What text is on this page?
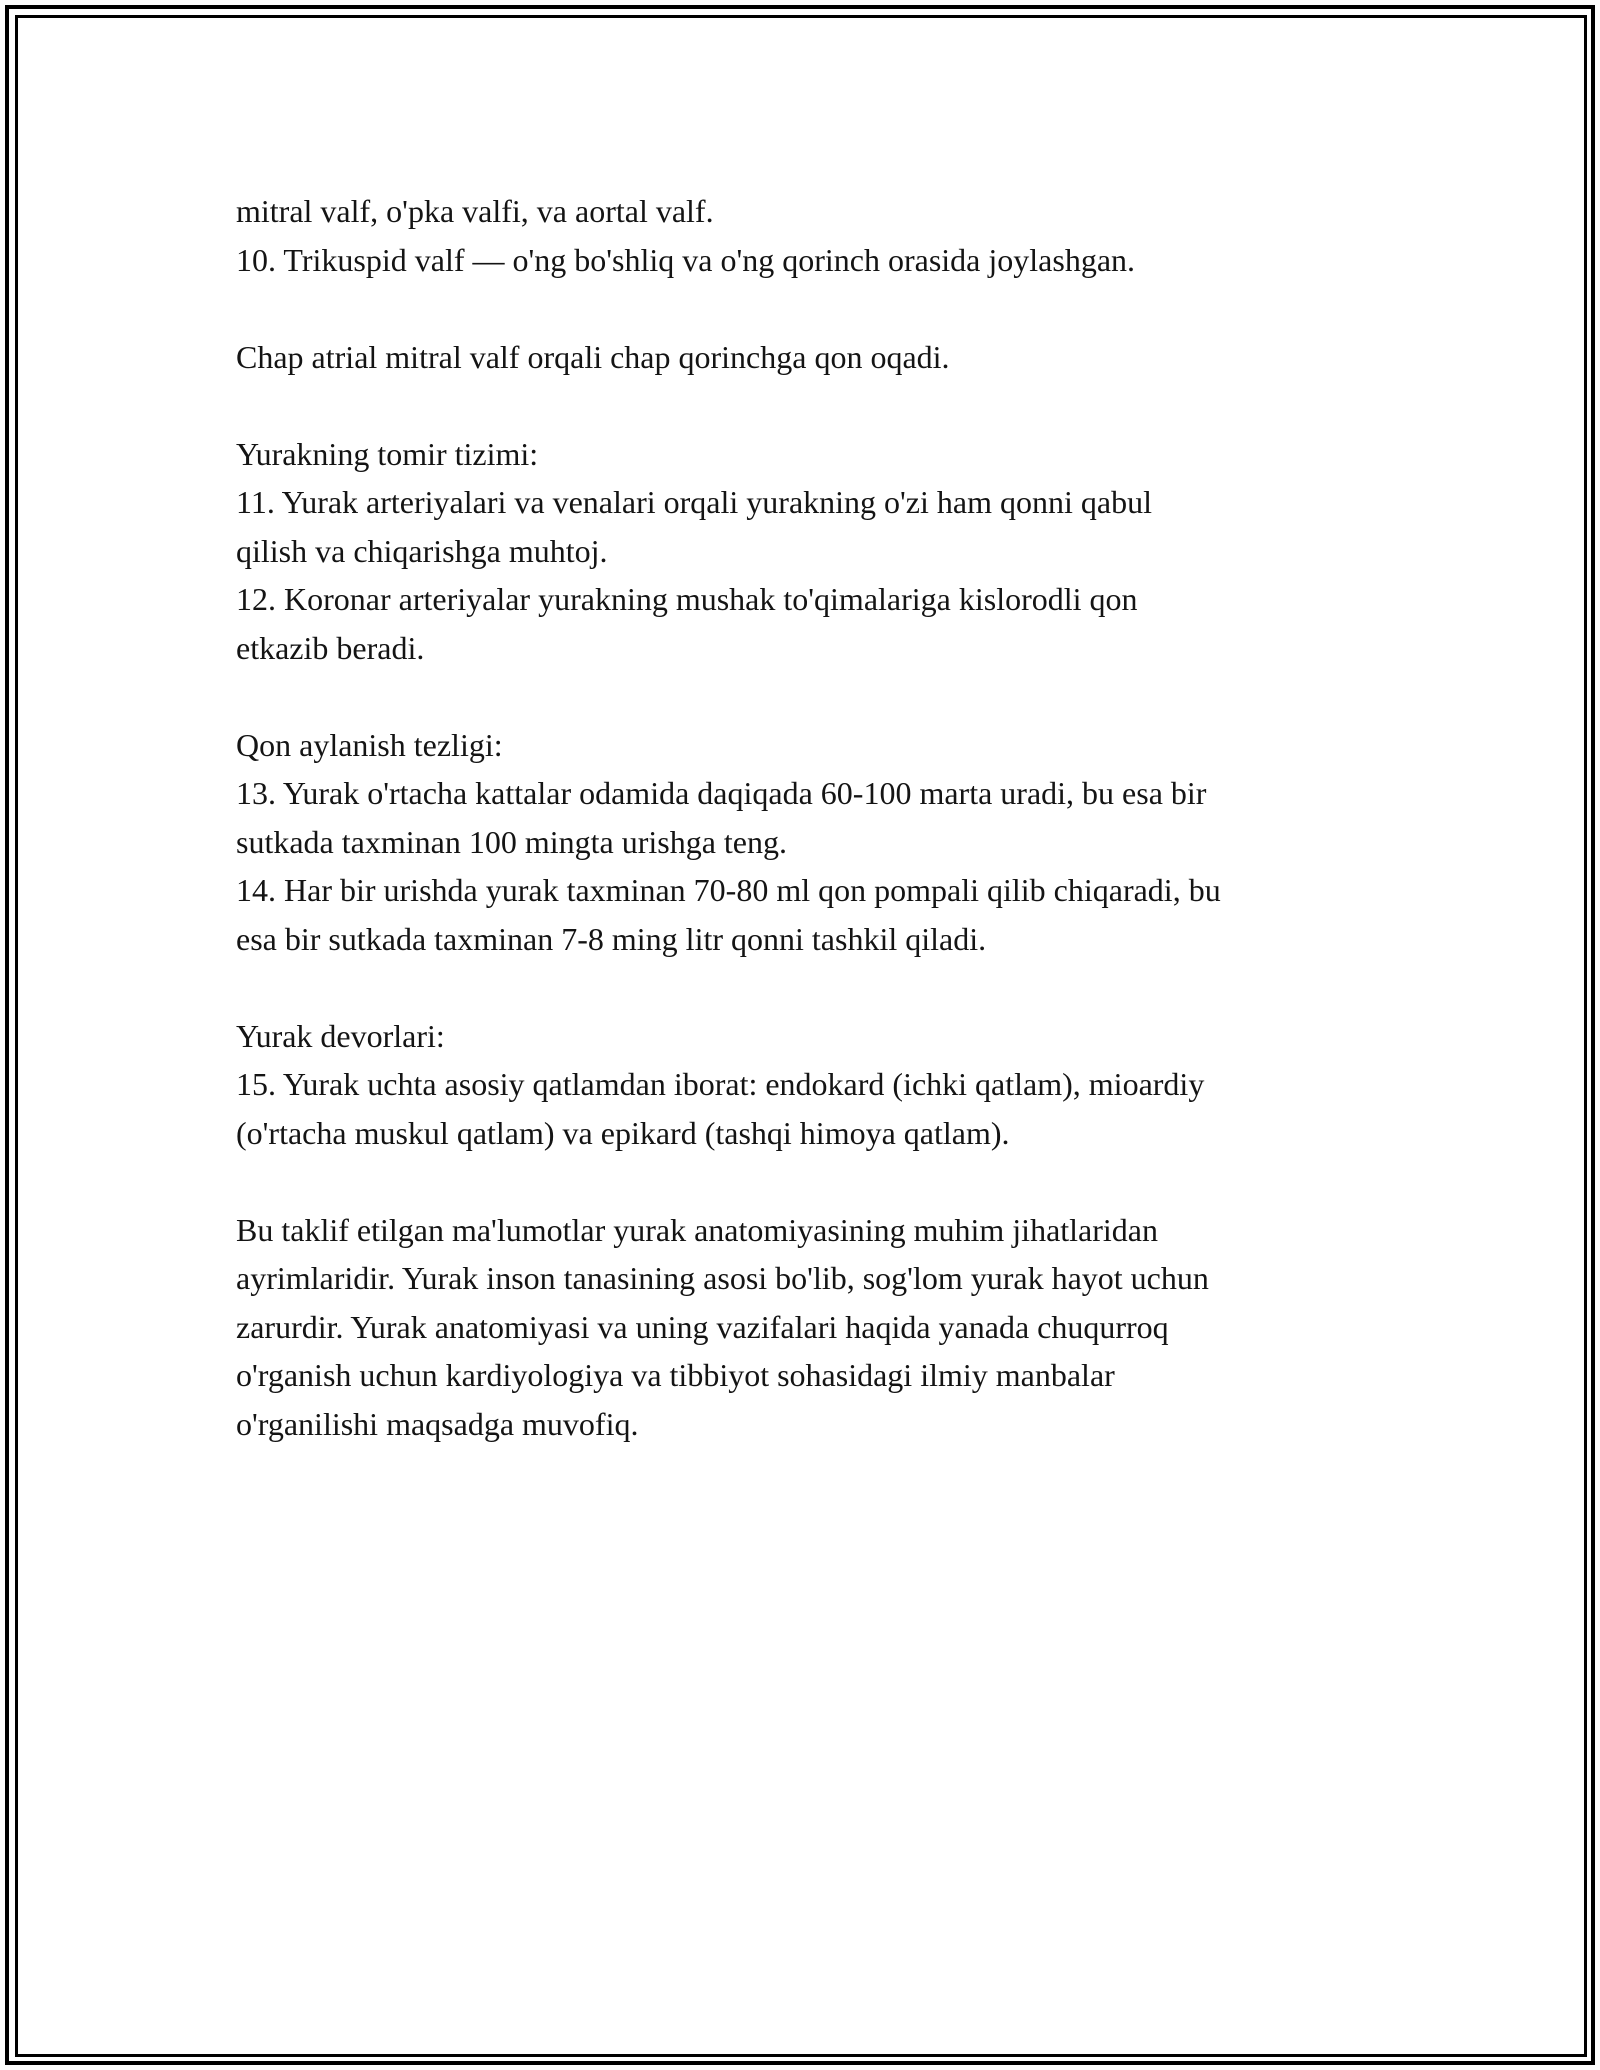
mitral valf, o'pka valfi, va aortal valf.
10. Trikuspid valf — o'ng bo'shliq va o'ng qorinch orasida joylashgan.
Chap atrial mitral valf orqali chap qorinchga qon oqadi.
Yurakning tomir tizimi:
11. Yurak arteriyalari va venalari orqali yurakning o'zi ham qonni qabul
qilish va chiqarishga muhtoj.
12. Koronar arteriyalar yurakning mushak to'qimalariga kislorodli qon
etkazib beradi.
Qon aylanish tezligi:
13. Yurak o'rtacha kattalar odamida daqiqada 60-100 marta uradi, bu esa bir
sutkada taxminan 100 mingta urishga teng.
14. Har bir urishda yurak taxminan 70-80 ml qon pompali qilib chiqaradi, bu
esa bir sutkada taxminan 7-8 ming litr qonni tashkil qiladi.
Yurak devorlari:
15. Yurak uchta asosiy qatlamdan iborat: endokard (ichki qatlam), mioardiy
(o'rtacha muskul qatlam) va epikard (tashqi himoya qatlam).
Bu taklif etilgan ma'lumotlar yurak anatomiyasining muhim jihatlaridan
ayrimlaridir. Yurak inson tanasining asosi bo'lib, sog'lom yurak hayot uchun
zarurdir. Yurak anatomiyasi va uning vazifalari haqida yanada chuqurroq
o'rganish uchun kardiyologiya va tibbiyot sohasidagi ilmiy manbalar
o'rganilishi maqsadga muvofiq.
